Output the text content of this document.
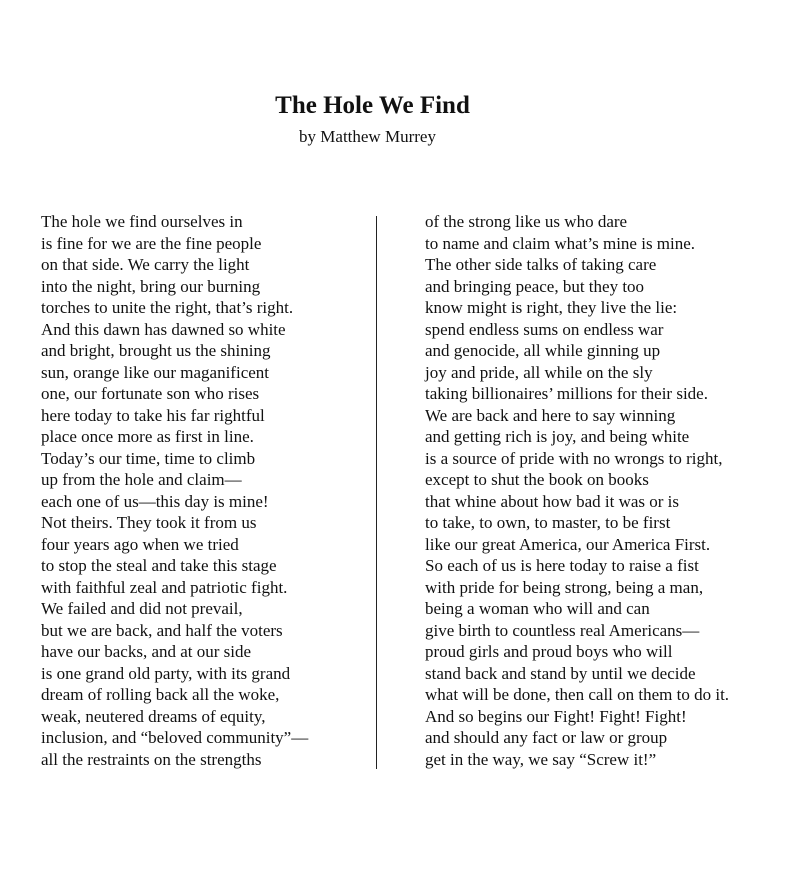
The Hole We Find

by Matthew Murrey

The hole we find ourselves in
is fine for we are the fine people
on that side. We carry the light
into the night, bring our burning
torches to unite the right, that’s right.
And this dawn has dawned so white
and bright, brought us the shining
sun, orange like our maganificent
one, our fortunate son who rises
here today to take his far rightful
place once more as first in line.
Today’s our time, time to climb
up from the hole and claim—
each one of us—this day is mine!
Not theirs. They took it from us
four years ago when we tried
to stop the steal and take this stage
with faithful zeal and patriotic fight.
We failed and did not prevail,
but we are back, and half the voters
have our backs, and at our side
is one grand old party, with its grand
dream of rolling back all the woke,
weak, neutered dreams of equity,
inclusion, and “beloved community”—
all the restraints on the strengths
of the strong like us who dare
to name and claim what’s mine is mine.
The other side talks of taking care
and bringing peace, but they too
know might is right, they live the lie:
spend endless sums on endless war
and genocide, all while ginning up
joy and pride, all while on the sly
taking billionaires’ millions for their side.
We are back and here to say winning
and getting rich is joy, and being white
is a source of pride with no wrongs to right,
except to shut the book on books
that whine about how bad it was or is
to take, to own, to master, to be first
like our great America, our America First.
So each of us is here today to raise a fist
with pride for being strong, being a man,
being a woman who will and can
give birth to countless real Americans—
proud girls and proud boys who will
stand back and stand by until we decide
what will be done, then call on them to do it.
And so begins our Fight! Fight! Fight!
and should any fact or law or group
get in the way, we say “Screw it!”
